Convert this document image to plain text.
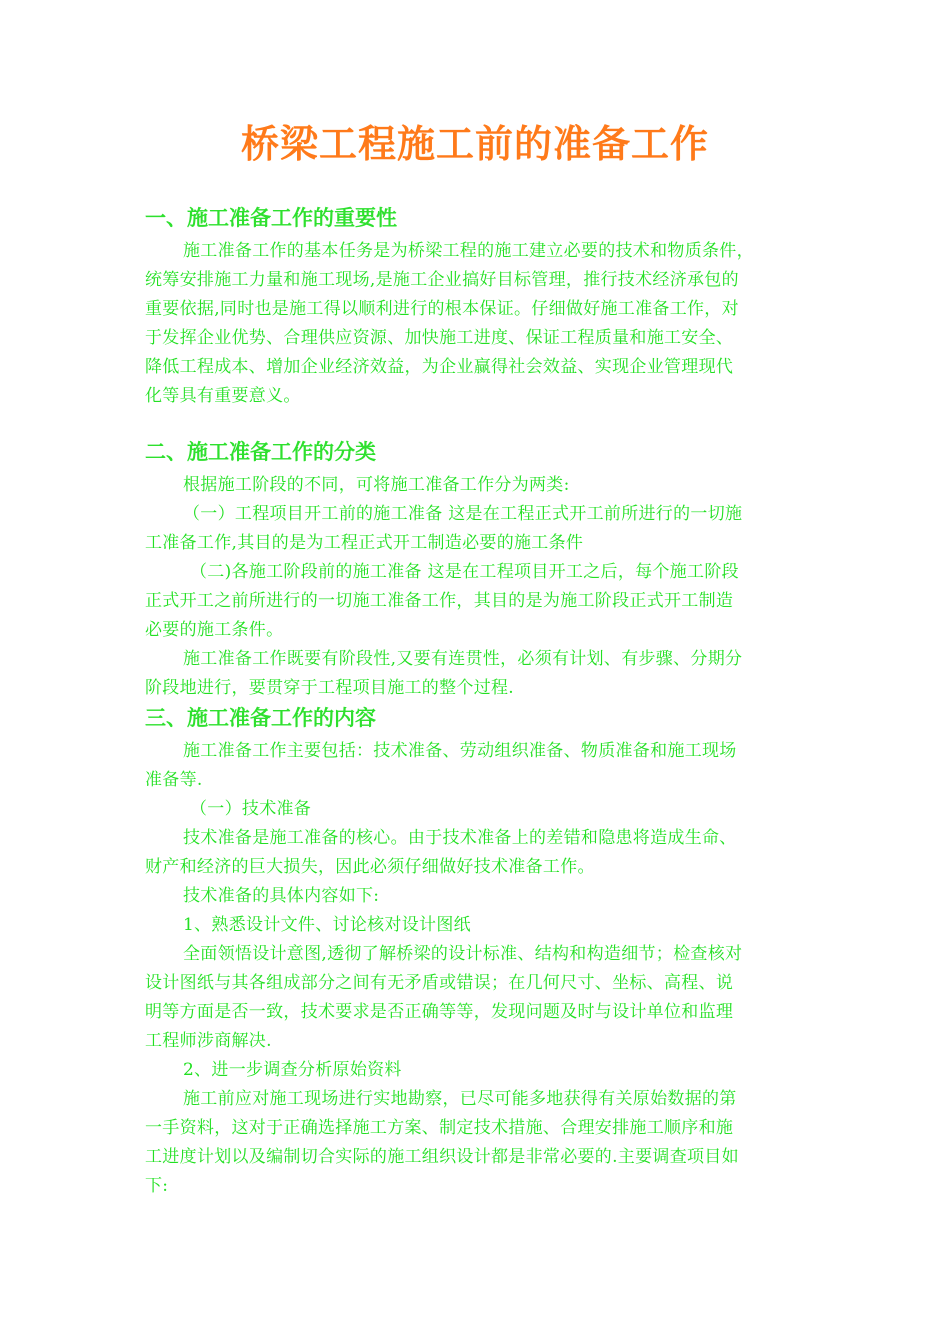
桥梁工程施工前的准备工作
一、施工准备工作的重要性
施工准备工作的基本任务是为桥梁工程的施工建立必要的技术和物质条件，
统筹安排施工力量和施工现场,是施工企业搞好目标管理，推行技术经济承包的
重要依据,同时也是施工得以顺利进行的根本保证。仔细做好施工准备工作，对
于发挥企业优势、合理供应资源、加快施工进度、保证工程质量和施工安全、
降低工程成本、增加企业经济效益，为企业赢得社会效益、实现企业管理现代
化等具有重要意义。
二、施工准备工作的分类
根据施工阶段的不同，可将施工准备工作分为两类:
（一）工程项目开工前的施工准备 这是在工程正式开工前所进行的一切施
工准备工作,其目的是为工程正式开工制造必要的施工条件
（二)各施工阶段前的施工准备 这是在工程项目开工之后，每个施工阶段
正式开工之前所进行的一切施工准备工作，其目的是为施工阶段正式开工制造
必要的施工条件。
施工准备工作既要有阶段性,又要有连贯性，必须有计划、有步骤、分期分
阶段地进行，要贯穿于工程项目施工的整个过程.
三、施工准备工作的内容
施工准备工作主要包括：技术准备、劳动组织准备、物质准备和施工现场
准备等.
（一）技术准备
技术准备是施工准备的核心。由于技术准备上的差错和隐患将造成生命、
财产和经济的巨大损失，因此必须仔细做好技术准备工作。
技术准备的具体内容如下:
1、熟悉设计文件、讨论核对设计图纸
全面领悟设计意图,透彻了解桥梁的设计标准、结构和构造细节；检查核对
设计图纸与其各组成部分之间有无矛盾或错误；在几何尺寸、坐标、高程、说
明等方面是否一致，技术要求是否正确等等，发现问题及时与设计单位和监理
工程师涉商解决.
2、进一步调查分析原始资料
施工前应对施工现场进行实地勘察，已尽可能多地获得有关原始数据的第
一手资料，这对于正确选择施工方案、制定技术措施、合理安排施工顺序和施
工进度计划以及编制切合实际的施工组织设计都是非常必要的.主要调查项目如
下:
